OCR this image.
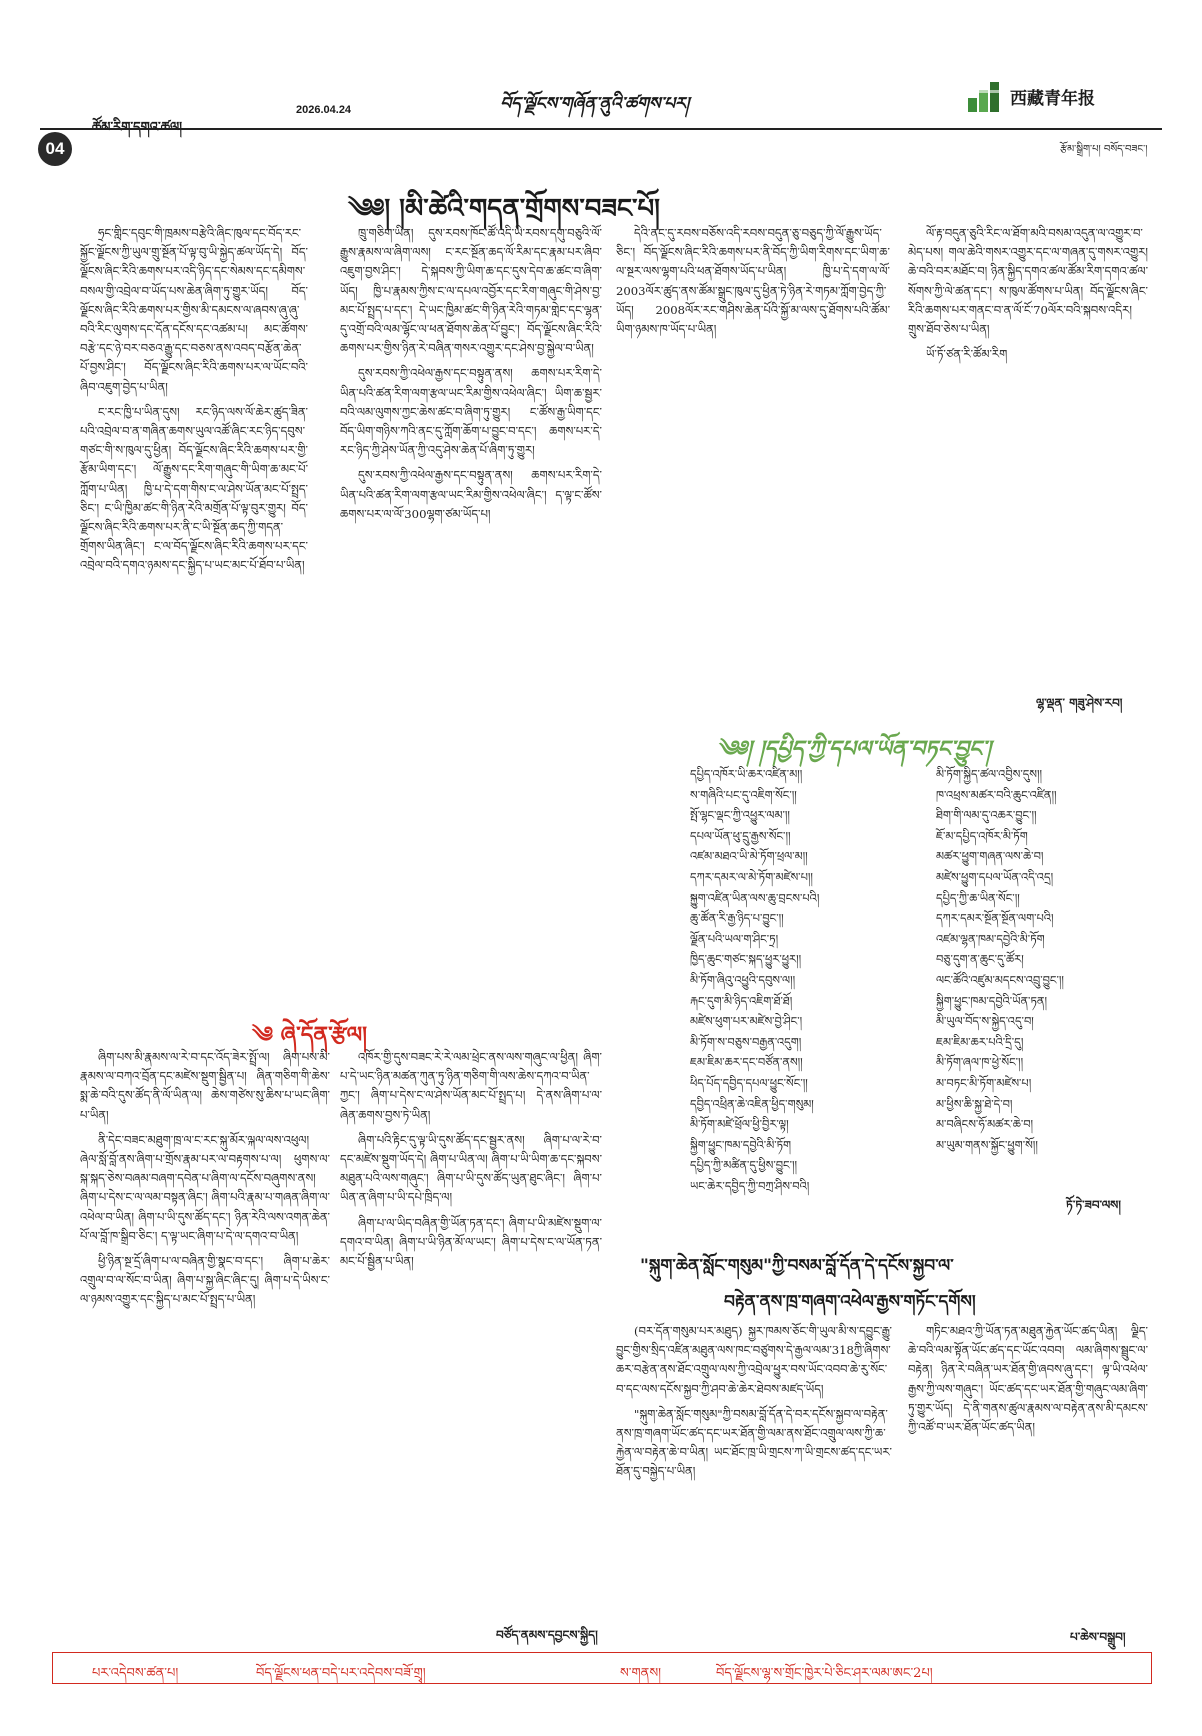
2026.04.24	བོད་ལྗོངས་གཞོན་ནུའི་ཚགས་པར།	西藏青年报
རྩོམ་སྒྲིག་པ། བསོད་བཟང་།
04
༄༅། །མི་ཚེའི་གདན་གྲོགས་བཟང་པོ།

ཧྲང་གླིང་དབུང་གི་ཁྲམས་བརྩེའི་ཞིང་ཁུལ་དང་བོད་རང་སྐྱོང་ལྗོངས་ཀྱི་ཡུལ་གྲུ་སྔོན་པོ་ལྟ་བུ་ཡི་སྐྱེད་ཚལ་ཡོད་དེ། བོད་ལྗོངས་ཞིང་རིའི་ཆགས་པར་འདི་ཉིད་དང་སེམས་དང་དམིགས་བསལ་གྱི་འབྲེལ་བ་ཡོད་པས་ཆེན་ཞིག་ཏུ་གྱུར་ཡོད། བོད་ལྗོངས་ཞིང་རིའི་ཆགས་པར་གྱིས་མི་དམངས་ལ་ཞབས་ཞུ་ཞུ་བའི་རིང་ལུགས་དང་དོན་དངོས་དང་འཚམ་པ། མང་ཚོགས་བརྩེ་དང་ཉེ་བར་བཅའ་རྒྱུ་དང་བཅས་ནས་འབད་བརྩོན་ཆེན་པོ་བྱས་ཤིང་། བོད་ལྗོངས་ཞིང་རིའི་ཆགས་པར་ལ་ཡོང་བའི་ཞིབ་འཇུག་བྱེད་པ་ཡིན།

ང་རང་ཁྱི་པ་ཡིན་དུས། རང་ཉིད་ལས་ལོ་ཆེར་ཚུད་ཟིན་པའི་འབྲེལ་བ་ན་གཞིན་ཆགས་ཡུལ་འཚོ་ཞིང་རང་ཉིད་དབུས་གཙང་གི་ས་ཁུལ་དུ་ཕྱིན། བོད་ལྗོངས་ཞིང་རིའི་ཆགས་པར་གྱི་རྩོམ་ཡིག་དང་། ལོ་རྒྱུས་དང་རིག་གཞུང་གི་ཡིག་ཆ་མང་པོ་ཀློག་པ་ཡིན། ཁྱི་པ་དེ་དག་གིས་ང་ལ་ཤེས་ཡོན་མང་པོ་སྤྲད་ཅིང་། ང་ཡི་ཁྱིམ་ཚང་གི་ཉིན་རེའི་མགྲོན་པོ་ལྟ་བུར་གྱུར། བོད་ལྗོངས་ཞིང་རིའི་ཆགས་པར་ནི་ང་ཡི་སྔོན་ཆད་ཀྱི་གདན་གྲོགས་ཡིན་ཞིང་། ང་ལ་བོད་ལྗོངས་ཞིང་རིའི་ཆགས་པར་དང་འབྲེལ་བའི་དགའ་ཉམས་དང་སྐྱིད་པ་ཡང་མང་པོ་ཐོབ་པ་ཡིན།

ཁྲུ་གཅིག་ཡིན། དུས་རབས་ཁོང་ཚོ་འདི་ཡི་རབས་དགུ་བཅུའི་ལོ་རྒྱུས་རྣམས་ལ་ཞིག་ལས། ང་རང་སྔོན་ཆད་ལོ་རིམ་དང་རྣམ་པར་ཞིབ་འཇུག་བྱས་ཤིང་། དེ་སྐབས་ཀྱི་ཡིག་ཆ་དང་དུས་དེབ་ཆ་ཚང་བ་ཞིག་ཡོད། ཁྱི་པ་རྣམས་ཀྱིས་ང་ལ་དཔལ་འབྱོར་དང་རིག་གཞུང་གི་ཤེས་བྱ་མང་པོ་སྤྲད་པ་དང་། དེ་ཡང་ཁྱིམ་ཚང་གི་ཉིན་རེའི་གཏམ་གླེང་དང་ལྷན་དུ་འགྲོ་བའི་ལམ་ལྷོང་ལ་ཕན་ཐོགས་ཆེན་པོ་བྱུང་། བོད་ལྗོངས་ཞིང་རིའི་ཆགས་པར་གྱིས་ཉིན་རེ་བཞིན་གསར་འགྱུར་དང་ཤེས་བྱ་སྐྱེལ་བ་ཡིན།

དུས་རབས་ཀྱི་འཕེལ་རྒྱས་དང་བསྟུན་ནས། ཆགས་པར་རིག་དེ་ཡིན་པའི་ཚན་རིག་ལག་རྩལ་ཡང་རིམ་གྱིས་འཕེལ་ཞིང་། ཡིག་ཆ་སྦྱར་བའི་ལམ་ལུགས་ཀྱང་ཆེས་ཚང་བ་ཞིག་ཏུ་གྱུར། ང་ཚོས་རྒྱ་ཡིག་དང་བོད་ཡིག་གཉིས་ཀའི་ནང་དུ་ཀློག་ཆོག་པ་བྱུང་བ་དང་། ཆགས་པར་དེ་རང་ཉིད་ཀྱི་ཤེས་ཡོན་ཀྱི་འདུ་ཤེས་ཆེན་པོ་ཞིག་ཏུ་གྱུར།

དུས་རབས་ཀྱི་འཕེལ་རྒྱས་དང་བསྟུན་ནས། ཆགས་པར་རིག་དེ་ཡིན་པའི་ཚན་རིག་ལག་རྩལ་ཡང་རིམ་གྱིས་འཕེལ་ཞིང་། ད་ལྟ་ང་ཚོས་ཆགས་པར་ལ་ལོ་300ལྷག་ཙམ་ཡོད་པ།

དེའི་ནང་དུ་རབས་བཅོས་འདི་རབས་བདུན་ཅུ་བཅུད་ཀྱི་ལོ་རྒྱུས་ཡོད་ཅིང་། བོད་ལྗོངས་ཞིང་རིའི་ཆགས་པར་ནི་བོད་ཀྱི་ཡིག་རིགས་དང་ཡིག་ཆ་ལ་སྔར་ལས་ལྷག་པའི་ཕན་ཐོགས་ཡོད་པ་ཡིན། ཁྱི་པ་དེ་དག་ལ་ལོ་2003ལོར་ཚུད་ནས་ཚོམ་སྒྲུང་ཁུལ་དུ་ཕྱིན་ཏེ་ཉིན་རེ་གཏམ་ཀློག་བྱེད་ཀྱི་ཡོད། 2008ལོར་རང་གཤིས་ཆེན་པོའི་སྐྱོ་མ་ལས་དུ་ཐོགས་པའི་ཚོམ་ཡིག་ཉམས་ཁ་ཡོད་པ་ཡིན།

ལོ་རྟ་བདུན་ཅུའི་རིང་ལ་ཐོག་མའི་བསམ་འདུན་ལ་འགྱུར་བ་མེད་པས། གལ་ཆེའི་གསར་འགྱུར་དང་ལ་གཞན་དུ་གསར་འགྱུར། ཆེ་བའི་བར་མཐོང་བ། ཉིན་སྐྱིད་དགའ་ཚལ་ཚོམ་རིག་དགའ་ཚལ་སོགས་ཀྱི་ལེ་ཚན་དང་། ས་ཁུལ་ཚོགས་པ་ཡིན། བོད་ལྗོངས་ཞིང་རིའི་ཆགས་པར་གནང་བ་ན་ལོ་ངོ་70ལོར་བའི་སྐབས་འདིར། གྲུས་ཐོབ་ཅེས་པ་ཡིན།

ཡོ་ཏོ་ཙན་རི་ཚོམ་རིག

ལྷ་ལྡན་ གཟུ་ཤེས་རབ།
༄༅། །དཔྱིད་ཀྱི་དཔལ་ཡོན་བཏང་བྱུང་།
དཔྱིད་འཁོར་ཡི་ཆར་འཛིན་མ།།
ས་གཞིའི་པང་དུ་འཇིག་སོང་།།
སྤོ་ལྷང་ལྡང་ཀྱི་འཕྱུར་ལམ་།།
དཔལ་ཡོན་ཕུ་དྲུ་རྒྱས་སོང་།།
འཛམ་མཐའ་ཡི་མེ་ཏོག་ཕྲལ་མ།།
དཀར་དམར་ལ་མེ་ཏོག་མཛེས་པ།།
སྐྱུག་འཛིན་ཡིན་ལས་ཆུ་བྲངས་པའི།
ཆུ་ཚོན་རི་རྒྱ་ཉིད་པ་བྱུང་།།
ལྗོན་པའི་ཡལ་ག་ཤིང་ཏྲ།
ཁྱིད་ཆུང་གཙང་སྐད་ཕྱུར་ཕྱུར།།
མི་ཏོག་ཞིའུ་འཕྱུའི་དབུས་ལ།།
རྐང་དུག་མི་ཉིད་འཇིག་ཐོ་ཐོ།
མཛེས་ཕུག་པར་མཛེས་བྱེ་ཤིང་།
མི་ཏོག་ས་བཅུས་བརྒྱན་འདུག།
ཇམ་ཇིམ་ཆར་དང་བཙོན་ནས།།
ཕིད་པོད་དབྱིད་དཔལ་ཕྱུང་སོང་།།
དབྱིད་འཕྲིན་ཆེ་འཇིན་ཕྱིད་གསུམ།
མི་ཏོག་མཛེ་ཕྲོལ་ཕྱི་བྱིར་ལྟ།
སྐྱིག་ཕྱུང་ཁམ་དབྱེའི་མི་ཏོག
དཔྱིད་ཀྱི་མཚིན་དུ་ཕྱིས་བྱུང་།།
ཡང་ཆེར་དབྱིད་ཀྱི་བཀྲ་ཤིས་བའི།
མི་ཏོག་སྐྱིད་ཚལ་འབྱིས་དུས།།
ཁ་འཕྲས་མཚར་བའི་ཆུང་འཛིན།།
ཐིག་གི་ལམ་དུ་འཆར་བྱུང་།།
ཇོ་མ་དཔྱིད་འཁོར་མི་ཏོག
མཚར་ཕྱུག་གཞན་ལས་ཆེ་བ།
མཛེས་ཕྱུག་དཔལ་ཡོན་འདི་འདྲ།
དཔྱིད་ཀྱི་ཆ་ཡིན་སོང་།།
དཀར་དམར་སྔོན་སྔོན་ལག་པའི།
འཛམ་ལྷན་ཁམ་དབྱེའི་མི་ཏོག
བཅུ་དུག་ན་ཆུང་དུ་ཚོར།
ལང་ཚོའི་འཛུམ་མདངས་འབྲུ་བྱུང་།།
སྐྱིག་ཕྱུང་ཁམ་དབྱེའི་ཡོན་ཏན།
མི་ཡུལ་བོད་ས་སྐྱེད་འདུ་བ།
ཇམ་ཇིམ་ཆར་པའི་དྲི་དུ།
མི་ཏོག་ཞལ་ཁ་ཕྱེ་སོང་།།
མ་བཏང་མི་ཏོག་མཛེས་པ།
མ་ཕྱིས་ཆི་སྐྱ་ཐེ་དེ་བ།
མ་བཞིངས་ཧོ་མཚར་ཆེ་བ།
མ་ཡུམ་གནས་སྐྱོང་ཕྱུག་སོ།།
ཏོ་ཏེ་ཟབ་ལས།
༄ ཞེ་དོན་རྩོལ།

ཞིག་པས་མི་རྣམས་ལ་རེ་བ་དང་འོད་ཟེར་སྤྲོ་ལ། ཞིག་པས་མི་རྣམས་ལ་བཀའ་བྲོན་དང་མཛེས་སྡུག་སྦྱིན་པ། ཞིན་གཅིག་གི་ཆེས་སྨ་ཆེ་བའི་དུས་ཚོད་ནི་ལོ་ཡིན་ལ། ཆེས་གཙེས་སུ་ཆིས་པ་ཡང་ཞིག་པ་ཡིན།

ནི་དེང་བཟང་མཐུག་ཁྲ་ལ་ང་རང་སྐུ་མོར་ལྐལ་ལས་འཕུལ། ཞེལ་སློ་བློ་ནས་ཞིག་པ་གྲོས་རྣམ་པར་ལ་བརྟགས་པ་ལ། ཕུགས་ལ་སྐ་སྐད་ཅེས་བཞམ་བཞག་དབེན་པ་ཞིག་ལ་དངོས་བཞུགས་ནས། ཞིག་པ་དེས་ང་ལ་ལམ་བསྟན་ཞིང་། ཞིག་པའི་རྣམ་པ་གཞན་ཞིག་ལ་འཕེལ་བ་ཡིན། ཞིག་པ་ཡི་དུས་ཚོད་དང་། ཉིན་རེའི་ལས་འགན་ཆེན་པོ་ལ་བློ་ཁ་སྒྲིབ་ཅིང་། ད་ལྟ་ཡང་ཞིག་པ་དེ་ལ་དགའ་བ་ཡིན།

ཕྱི་ཉིན་སྔ་དྲོ་ཞིག་པ་ལ་བཞིན་གྱི་སྣང་བ་དང་། ཞིག་པ་ཆེར་འགྲུལ་བ་ལ་སོང་བ་ཡིན། ཞིག་པ་སྐྱ་ཞིང་ཞིང་དུ། ཞིག་པ་དེ་ཡིས་ང་ལ་ཉམས་འགྱུར་དང་སྐྱིད་པ་མང་པོ་སྤྲད་པ་ཡིན།

འཁོར་གྱི་དུས་བཟང་རེ་རེ་ལམ་ཕྲེང་ནས་ལས་གཞུང་ལ་ཕྱིན། ཞིག་པ་དེ་ཡང་ཉིན་མཚན་ཀུན་ཏུ་ཉིན་གཅིག་གི་ལས་ཆེས་དཀའ་བ་ཡིན་ཀྱང་། ཞིག་པ་དེས་ང་ལ་ཤེས་ཡོན་མང་པོ་སྤྲད་པ། དེ་ནས་ཞིག་པ་ལ་ཞེན་ཆགས་བྱས་ཏེ་ཡིན།

ཞིག་པའི་རྟིང་དུ་ལྟ་ཡི་དུས་ཚོད་དང་སྦྱར་ནས། ཞིག་པ་ལ་རེ་བ་དང་མཛེས་སྡུག་ཡོད་དེ། ཞིག་པ་ཡིན་ལ། ཞིག་པ་ཡི་ཡིག་ཆ་དང་སྐབས་མཐུན་པའི་ལས་གཞུང་། ཞིག་པ་ཡི་དུས་ཚོད་ཡུན་ཐུང་ཞིང་། ཞིག་པ་ཡིན་ན་ཞིག་པ་ཡི་དཔེ་ཁྲིད་ལ།

ཞིག་པ་ལ་ཡིད་བཞིན་གྱི་ཡོན་ཏན་དང་། ཞིག་པ་ཡི་མཛེས་སྡུག་ལ་དགའ་བ་ཡིན། ཞིག་པ་ཡི་ཉིན་མོ་ལ་ཡང་། ཞིག་པ་དེས་ང་ལ་ཡོན་ཏན་མང་པོ་སྦྱིན་པ་ཡིན།

བཙོད་ནམས་དབྱངས་སྐྱིད།
"སྐུག་ཆེན་སློང་གསུམ"ཀྱི་བསམ་བློ་དོན་དེ་དངོས་སྐྱབ་ལ་
བརྟེན་ནས་ཁྲ་གཞག་འཕེལ་རྒྱས་གཏོང་དགོས།

(བར་དོན་གསུམ་པར་མཐུད) སྐྱར་ཁམས་ཅོང་གི་ཡུལ་མི་ས་དབྱུང་རྒྱུ་བྱུང་གྱིས་སྲིད་འཛིན་མཐུན་ལས་ཁང་བཙུགས་དེ་རྒྱལ་ལམ་318ཀྱི་ཞིགས་ཆར་བརྩེན་ནས་ཐོང་འགྲུལ་ལས་ཀྱི་འབྲེལ་ཕྱུར་བས་ཡོང་འབབ་ཆེ་རུ་སོང་བ་དང་ལས་དངོས་སྐྱབ་ཀྱི་ཤབ་ཆེ་ཆེར་ཐེབས་མཛད་ཡོད།

"སྐུག་ཆེན་སློང་གསུམ"ཀྱི་བསམ་བློ་དོན་དེ་བར་དངོས་སྐྱབ་ལ་བརྟེན་ནས་ཁྲ་གཞག་ཡོང་ཚད་དང་ཡར་ཐོན་གྱི་ལམ་ནས་ཐོང་འགྲུལ་ལས་ཀྱི་ཆ་རྐྱེན་ལ་བརྟེན་ཆེ་བ་ཡིན། ཡང་ཐོང་ཁྲ་ཡི་གྲངས་ཀ་ཡི་གྲངས་ཚད་དང་ཡར་ཐོན་དུ་བསྐྱེད་པ་ཡིན།

གཏིང་མཐའ་ཀྱི་ཡོན་ཏན་མཐུན་རྐྱེན་ཡོང་ཚད་ཡིན། ལྗིད་ཆེ་བའི་ལམ་སྟོན་ཡོང་ཚད་དང་ཡོང་འབབ། ལམ་ཞིགས་སྦྲུང་ལ་བརྟེན། ཉིན་རེ་བཞིན་ཡར་ཐོན་གྱི་ཞབས་ཞུ་དང་། ལྟ་ཡི་འཕེལ་རྒྱས་ཀྱི་ལས་གཞུང་། ཡོང་ཚད་དང་ཡར་ཐོན་གྱི་གཞུང་ལམ་ཞིག་ཏུ་གྱུར་ཡོད། དེ་ནི་གནས་ཚུལ་རྣམས་ལ་བརྟེན་ནས་མི་དམངས་ཀྱི་འཚོ་བ་ཡར་ཐོན་ཡོང་ཚད་ཡིན།

པ་ཆེས་བསྒྲུབ།
པར་འདེབས་ཚན་པ།	བོད་ལྗོངས་ཕན་བདེ་པར་འདེབས་བཟོ་གྲྭ།	ས་གནས།	བོད་ལྗོངས་ལྷ་ས་གྲོང་ཁྱེར་པེ་ཅིང་ཤར་ལམ་ཨང་2པ།
